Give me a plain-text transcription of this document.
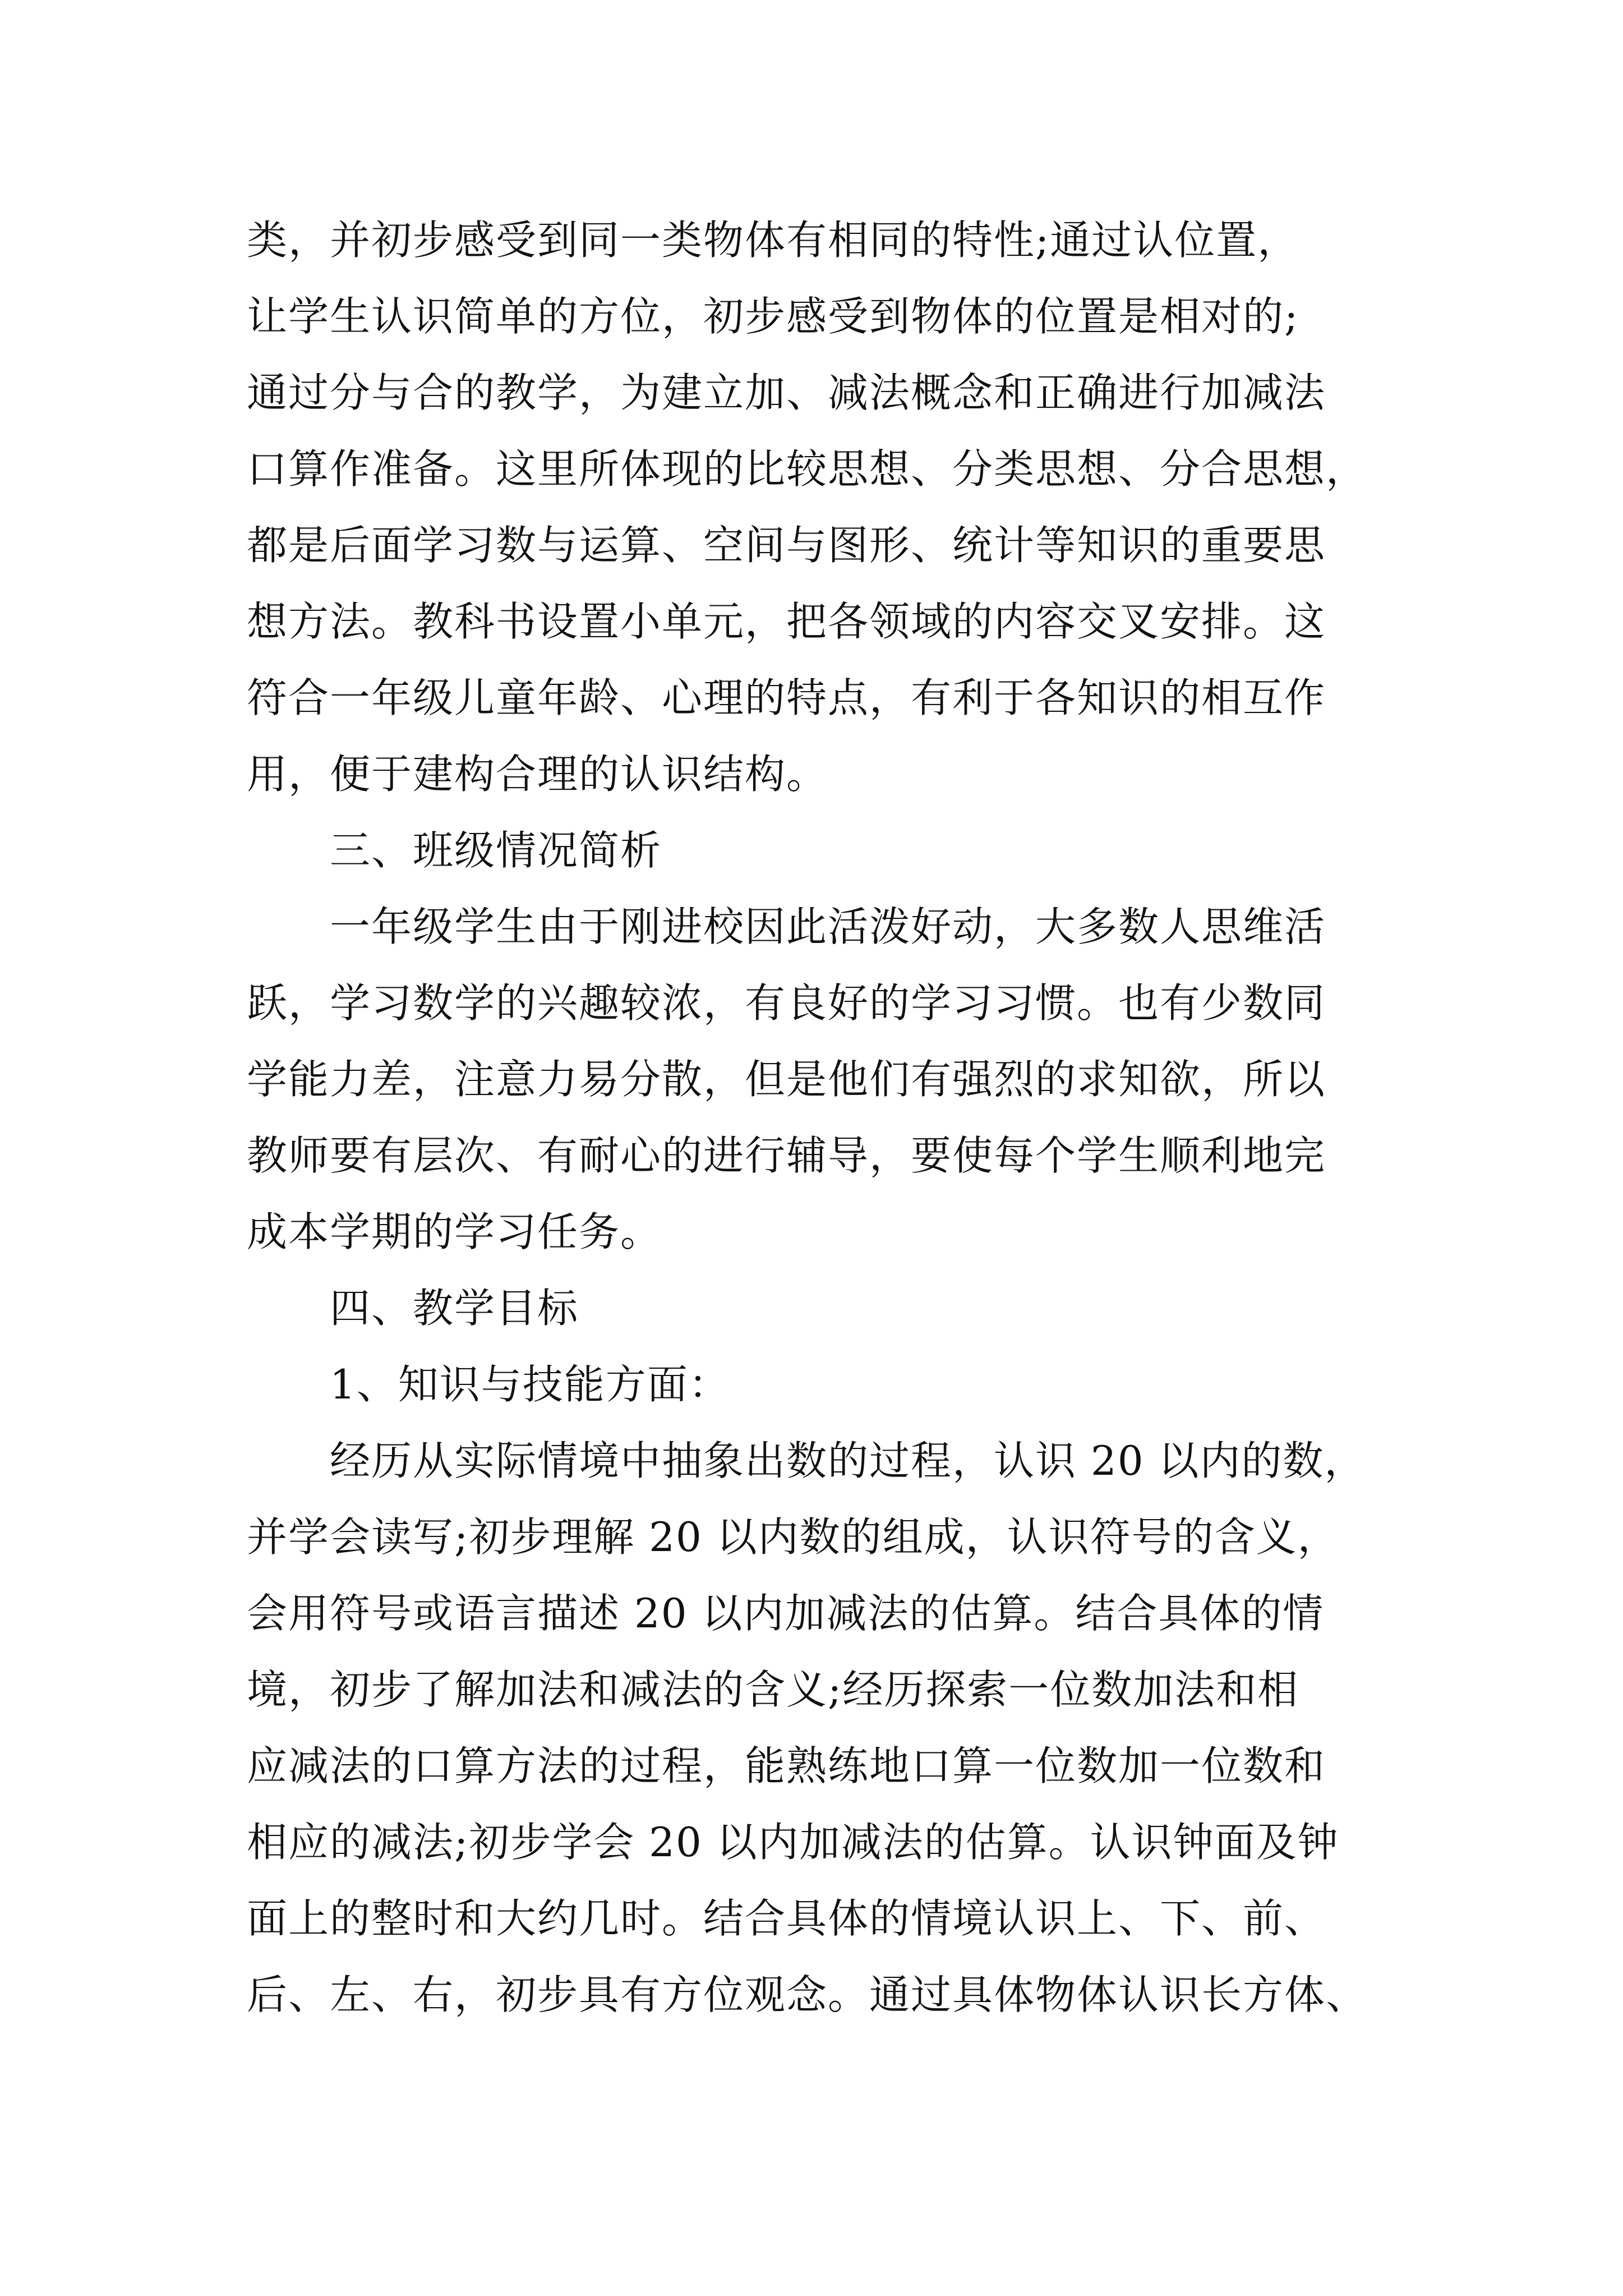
类，并初步感受到同一类物体有相同的特性;通过认位置，
让学生认识简单的方位，初步感受到物体的位置是相对的;
通过分与合的教学，为建立加、减法概念和正确进行加减法
口算作准备。这里所体现的比较思想、分类思想、分合思想，
都是后面学习数与运算、空间与图形、统计等知识的重要思
想方法。教科书设置小单元，把各领域的内容交叉安排。这
符合一年级儿童年龄、心理的特点，有利于各知识的相互作
用，便于建构合理的认识结构。
　　三、班级情况简析
　　一年级学生由于刚进校因此活泼好动，大多数人思维活
跃，学习数学的兴趣较浓，有良好的学习习惯。也有少数同
学能力差，注意力易分散，但是他们有强烈的求知欲，所以
教师要有层次、有耐心的进行辅导，要使每个学生顺利地完
成本学期的学习任务。
　　四、教学目标
　　1、知识与技能方面：
　　经历从实际情境中抽象出数的过程，认识 20 以内的数，
并学会读写;初步理解 20 以内数的组成，认识符号的含义，
会用符号或语言描述 20 以内加减法的估算。结合具体的情
境，初步了解加法和减法的含义;经历探索一位数加法和相
应减法的口算方法的过程，能熟练地口算一位数加一位数和
相应的减法;初步学会 20 以内加减法的估算。认识钟面及钟
面上的整时和大约几时。结合具体的情境认识上、下、前、
后、左、右，初步具有方位观念。通过具体物体认识长方体、
